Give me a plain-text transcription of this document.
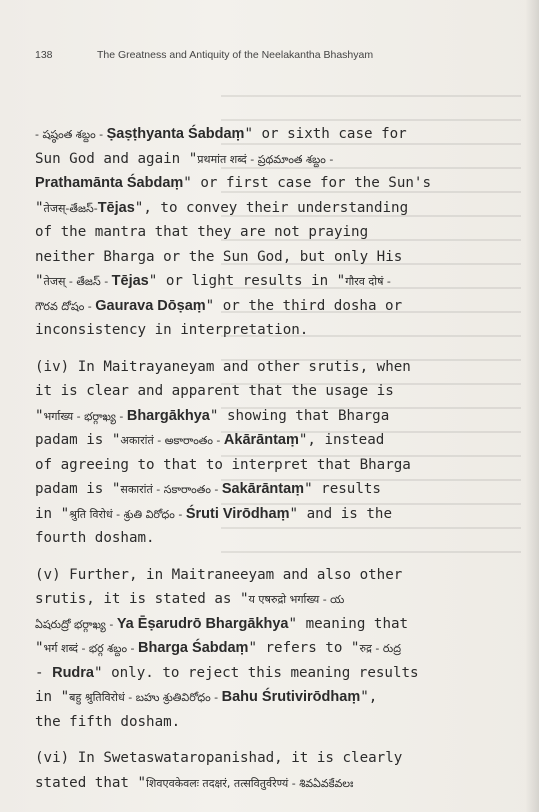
138	The Greatness and Antiquity of the Neelakantha Bhashyam
- షష్ఠంత శబ్దం - Ṣaṣṭhyanta Śabdaṃ" or sixth case for
Sun God and again "प्रथमांत शब्दं - ప్రథమాంత శబ్దం -
Prathamānta Śabdaṃ" or first case for the Sun's
"तेजस्-తేజస్-Tējas", to convey their understanding
of the mantra that they are not praying
neither Bharga or the Sun God, but only His
"तेजस् - తేజస్ - Tējas" or light results in "गौरव दोषं -
గౌరవ దోషం - Gaurava Dōṣaṃ" or the third dosha or
inconsistency in interpretation.
(iv) In Maitrayaneyam and other srutis, when
it is clear and apparent that the usage is
"भर्गाख्य - భర్గాఖ్య - Bhargākhya" showing that Bharga
padam is "अकारांतं - అకారాంతం - Akārāntaṃ", instead
of agreeing to that to interpret that Bharga
padam is "सकारांतं - సకారాంతం - Sakārāntaṃ" results
in "श्रुति विरोधं - శ్రుతి విరోధం - Śruti Virōdhaṃ" and is the
fourth dosham.
(v) Further, in Maitraneeyam and also other
srutis, it is stated as "य एषरुद्रो भर्गाख्य - య
ఏషరుద్రో భర్గాఖ్య - Ya Ēṣarudrō Bhargākhya" meaning that
"भर्ग शब्दं - భర్గ శబ్దం - Bharga Śabdaṃ" refers to "रुद्र - రుద్ర
- Rudra" only. to reject this meaning results
in "बहु श्रुतिविरोधं - బహు శ్రుతివిరోధం - Bahu Śrutivirōdhaṃ",
the fifth dosham.
(vi) In Swetaswataropanishad, it is clearly
stated that "शिवएवकेवलः तदक्षरं, तत्सवितुर्वरेण्यं - శివఏవకేవలః
